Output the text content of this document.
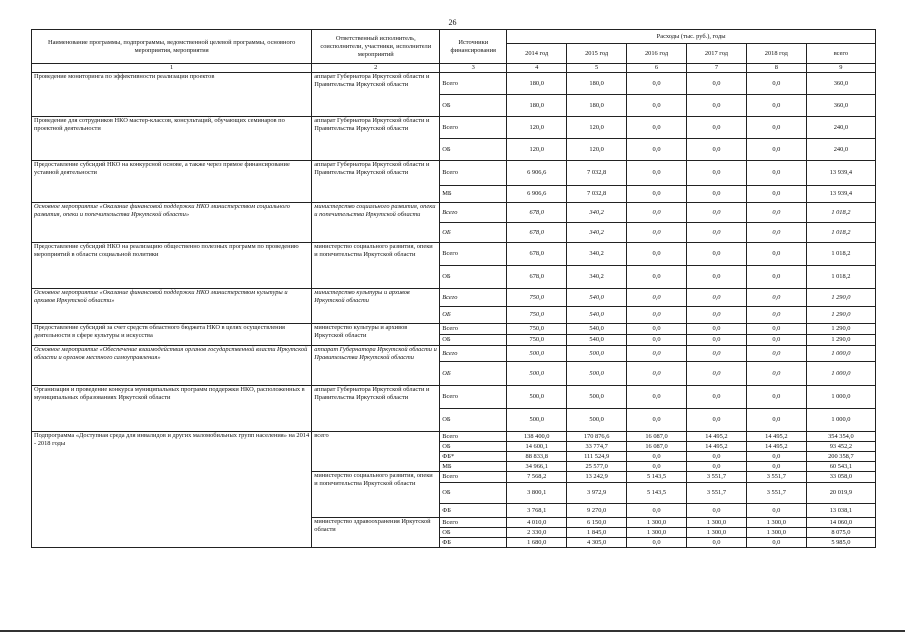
26
Наименование программы, подпрограммы, ведомственной целевой программы, основного мероприятия, мероприятия	Ответственный исполнитель, соисполнители, участники, исполнители мероприятий	Источники финансирования	Расходы (тыс. руб.), годы					
			2014 год	2015 год	2016 год	2017 год	2018 год	всего
1	2	3	4	5	6	7	8	9
Проведение мониторинга по эффективности реализации проектов	аппарат Губернатора Иркутской области и Правительства Иркутской области	Всего	180,0	180,0	0,0	0,0	0,0	360,0
		ОБ	180,0	180,0	0,0	0,0	0,0	360,0
Проведение для сотрудников НКО мастер-классов, консультаций, обучающих семинаров по проектной деятельности	аппарат Губернатора Иркутской области и Правительства Иркутской области	Всего	120,0	120,0	0,0	0,0	0,0	240,0
		ОБ	120,0	120,0	0,0	0,0	0,0	240,0
Предоставление субсидий НКО на конкурсной основе, а также через прямое финансирование уставной деятельности	аппарат Губернатора Иркутской области и Правительства Иркутской области	Всего	6 906,6	7 032,8	0,0	0,0	0,0	13 939,4
		МБ	6 906,6	7 032,8	0,0	0,0	0,0	13 939,4
Основное мероприятие «Оказание финансовой поддержки НКО министерством социального развития, опеки и попечительства Иркутской области»	министерство социального развития, опеки и попечительства Иркутской области	Всего	678,0	340,2	0,0	0,0	0,0	1 018,2
		ОБ	678,0	340,2	0,0	0,0	0,0	1 018,2
Предоставление субсидий НКО на реализацию общественно полезных программ по проведению мероприятий в области социальной политики	министерство социального развития, опеки и попечительства Иркутской области	Всего	678,0	340,2	0,0	0,0	0,0	1 018,2
		ОБ	678,0	340,2	0,0	0,0	0,0	1 018,2
Основное мероприятие «Оказание финансовой поддержки НКО министерством культуры и архивов Иркутской области»	министерство культуры и архивов Иркутской области	Всего	750,0	540,0	0,0	0,0	0,0	1 290,0
		ОБ	750,0	540,0	0,0	0,0	0,0	1 290,0
Предоставление субсидий за счет средств областного бюджета НКО в целях осуществления деятельности в сфере культуры и искусства	министерство культуры и архивов Иркутской области	Всего	750,0	540,0	0,0	0,0	0,0	1 290,0
		ОБ	750,0	540,0	0,0	0,0	0,0	1 290,0
Основное мероприятие «Обеспечение взаимодействия органов государственной власти Иркутской области и органов местного самоуправления»	аппарат Губернатора Иркутской области и Правительства Иркутской области	Всего	500,0	500,0	0,0	0,0	0,0	1 000,0
		ОБ	500,0	500,0	0,0	0,0	0,0	1 000,0
Организация и проведение конкурса муниципальных программ поддержки НКО, расположенных в муниципальных образованиях Иркутской области	аппарат Губернатора Иркутской области и Правительства Иркутской области	Всего	500,0	500,0	0,0	0,0	0,0	1 000,0
		ОБ	500,0	500,0	0,0	0,0	0,0	1 000,0
Подпрограмма «Доступная среда для инвалидов и других маломобильных групп населения» на 2014 - 2018 годы	всего	Всего	138 400,0	170 876,6	16 087,0	14 495,2	14 495,2	354 354,0
		ОБ	14 600,1	33 774,7	16 087,0	14 495,2	14 495,2	93 452,2
		ФБ*	88 833,8	111 524,9	0,0	0,0	0,0	200 358,7
		МБ	34 966,1	25 577,0	0,0	0,0	0,0	60 543,1
	министерство социального развития, опеки и попечительства Иркутской области	Всего	7 568,2	13 242,9	5 143,5	3 551,7	3 551,7	33 058,0
		ОБ	3 800,1	3 972,9	5 143,5	3 551,7	3 551,7	20 019,9
		ФБ	3 768,1	9 270,0	0,0	0,0	0,0	13 038,1
	министерство здравоохранения Иркутской области	Всего	4 010,0	6 150,0	1 300,0	1 300,0	1 300,0	14 060,0
		ОБ	2 330,0	1 845,0	1 300,0	1 300,0	1 300,0	8 075,0
		ФБ	1 680,0	4 305,0	0,0	0,0	0,0	5 985,0
